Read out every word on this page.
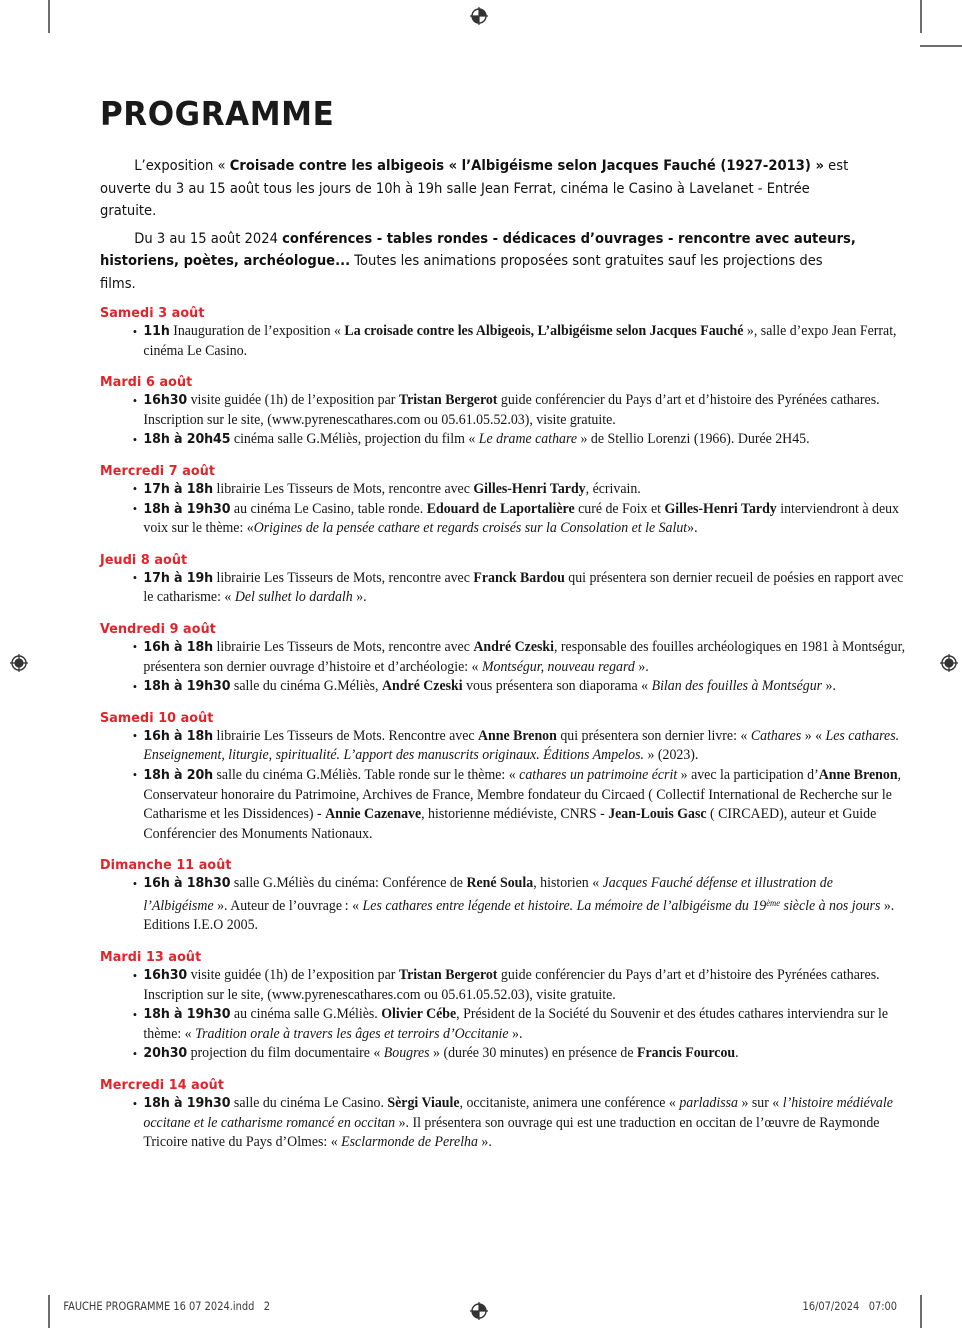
PROGRAMME

L’exposition « Croisade contre les albigeois « l’Albigéisme selon Jacques Fauché (1927-2013) » est ouverte du 3 au 15 août tous les jours de 10h à 19h salle Jean Ferrat, cinéma le Casino à Lavelanet - Entrée gratuite.

Du 3 au 15 août 2024 conférences - tables rondes - dédicaces d’ouvrages - rencontre avec auteurs, historiens, poètes, archéologue... Toutes les animations proposées sont gratuites sauf les projections des films.

Samedi 3 août
• 11h Inauguration de l’exposition « La croisade contre les Albigeois, L’albigéisme selon Jacques Fauché », salle d’expo Jean Ferrat, cinéma Le Casino.
Mardi 6 août
• 16h30 visite guidée (1h) de l’exposition par Tristan Bergerot guide conférencier du Pays d’art et d’histoire des Pyrénées cathares. Inscription sur le site, (www.pyrenescathares.com ou 05.61.05.52.03), visite gratuite.
• 18h à 20h45 cinéma salle G.Méliès, projection du film « Le drame cathare » de Stellio Lorenzi (1966). Durée 2H45.
Mercredi 7 août
• 17h à 18h librairie Les Tisseurs de Mots, rencontre avec Gilles-Henri Tardy, écrivain.
• 18h à 19h30 au cinéma Le Casino, table ronde. Edouard de Laportalière curé de Foix et Gilles-Henri Tardy interviendront à deux voix sur le thème: «Origines de la pensée cathare et regards croisés sur la Consolation et le Salut».
Jeudi 8 août
• 17h à 19h librairie Les Tisseurs de Mots, rencontre avec Franck Bardou qui présentera son dernier recueil de poésies en rapport avec le catharisme: « Del sulhet lo dardalh ».
Vendredi 9 août
• 16h à 18h librairie Les Tisseurs de Mots, rencontre avec André Czeski, responsable des fouilles archéologiques en 1981 à Montségur, présentera son dernier ouvrage d’histoire et d’archéologie: « Montségur, nouveau regard ».
• 18h à 19h30 salle du cinéma G.Méliès, André Czeski vous présentera son diaporama « Bilan des fouilles à Montségur ».
Samedi 10 août
• 16h à 18h librairie Les Tisseurs de Mots. Rencontre avec Anne Brenon qui présentera son dernier livre: « Cathares » « Les cathares. Enseignement, liturgie, spiritualité. L’apport des manuscrits originaux. Éditions Ampelos. » (2023).
• 18h à 20h salle du cinéma G.Méliès. Table ronde sur le thème: « cathares un patrimoine écrit » avec la participation d’Anne Brenon, Conservateur honoraire du Patrimoine, Archives de France, Membre fondateur du Circaed ( Collectif International de Recherche sur le Catharisme et les Dissidences) - Annie Cazenave, historienne médiéviste, CNRS - Jean-Louis Gasc ( CIRCAED), auteur et Guide Conférencier des Monuments Nationaux.
Dimanche 11 août
• 16h à 18h30 salle G.Méliès du cinéma: Conférence de René Soula, historien « Jacques Fauché défense et illustration de l’Albigéisme ». Auteur de l’ouvrage : « Les cathares entre légende et histoire. La mémoire de l’albigéisme du 19ème siècle à nos jours ». Editions I.E.O 2005.
Mardi 13 août
• 16h30 visite guidée (1h) de l’exposition par Tristan Bergerot guide conférencier du Pays d’art et d’histoire des Pyrénées cathares. Inscription sur le site, (www.pyrenescathares.com ou 05.61.05.52.03), visite gratuite.
• 18h à 19h30 au cinéma salle G.Méliès. Olivier Cébe, Président de la Société du Souvenir et des études cathares interviendra sur le thème: « Tradition orale à travers les âges et terroirs d’Occitanie ».
• 20h30 projection du film documentaire « Bougres » (durée 30 minutes) en présence de Francis Fourcou.
Mercredi 14 août
• 18h à 19h30 salle du cinéma Le Casino. Sèrgi Viaule, occitaniste, animera une conférence « parladissa » sur « l’histoire médiévale occitane et le catharisme romancé en occitan ». Il présentera son ouvrage qui est une traduction en occitan de l’œuvre de Raymonde Tricoire native du Pays d’Olmes: « Esclarmonde de Perelha ».
FAUCHE PROGRAMME 16 07 2024.indd   2	16/07/2024   07:00
